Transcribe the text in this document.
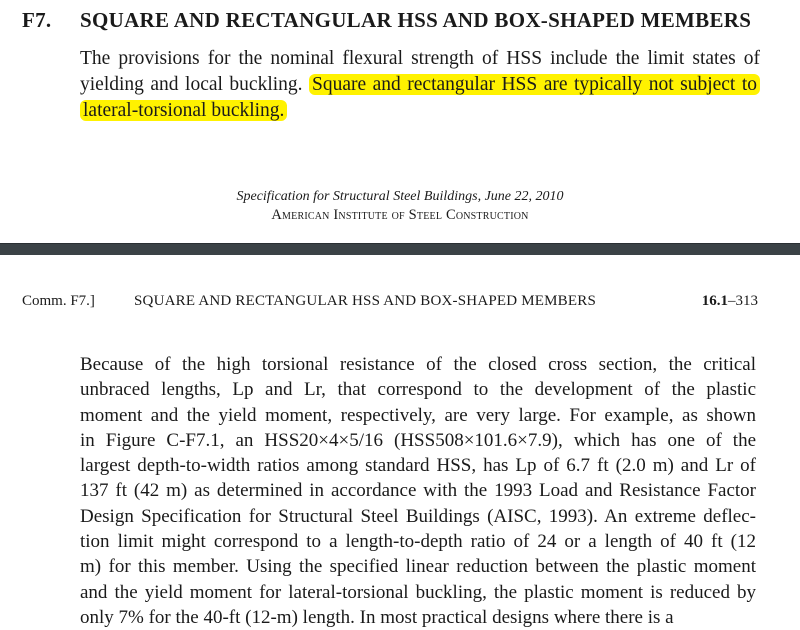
F7. SQUARE AND RECTANGULAR HSS AND BOX-SHAPED MEMBERS
The provisions for the nominal flexural strength of HSS include the limit states of yielding and local buckling. Square and rectangular HSS are typically not subject to lateral-torsional buckling.
Specification for Structural Steel Buildings, June 22, 2010
American Institute of Steel Construction
Comm. F7.]	SQUARE AND RECTANGULAR HSS AND BOX-SHAPED MEMBERS	16.1–313
Because of the high torsional resistance of the closed cross section, the critical
unbraced lengths, Lp and Lr, that correspond to the development of the plastic
moment and the yield moment, respectively, are very large. For example, as shown
in Figure C-F7.1, an HSS20×4×5/16 (HSS508×101.6×7.9), which has one of the
largest depth-to-width ratios among standard HSS, has Lp of 6.7 ft (2.0 m) and Lr of
137 ft (42 m) as determined in accordance with the 1993 Load and Resistance Factor
Design Specification for Structural Steel Buildings (AISC, 1993). An extreme deflec-
tion limit might correspond to a length-to-depth ratio of 24 or a length of 40 ft (12
m) for this member. Using the specified linear reduction between the plastic moment
and the yield moment for lateral-torsional buckling, the plastic moment is reduced by
only 7% for the 40-ft (12-m) length. In most practical designs where there is a
